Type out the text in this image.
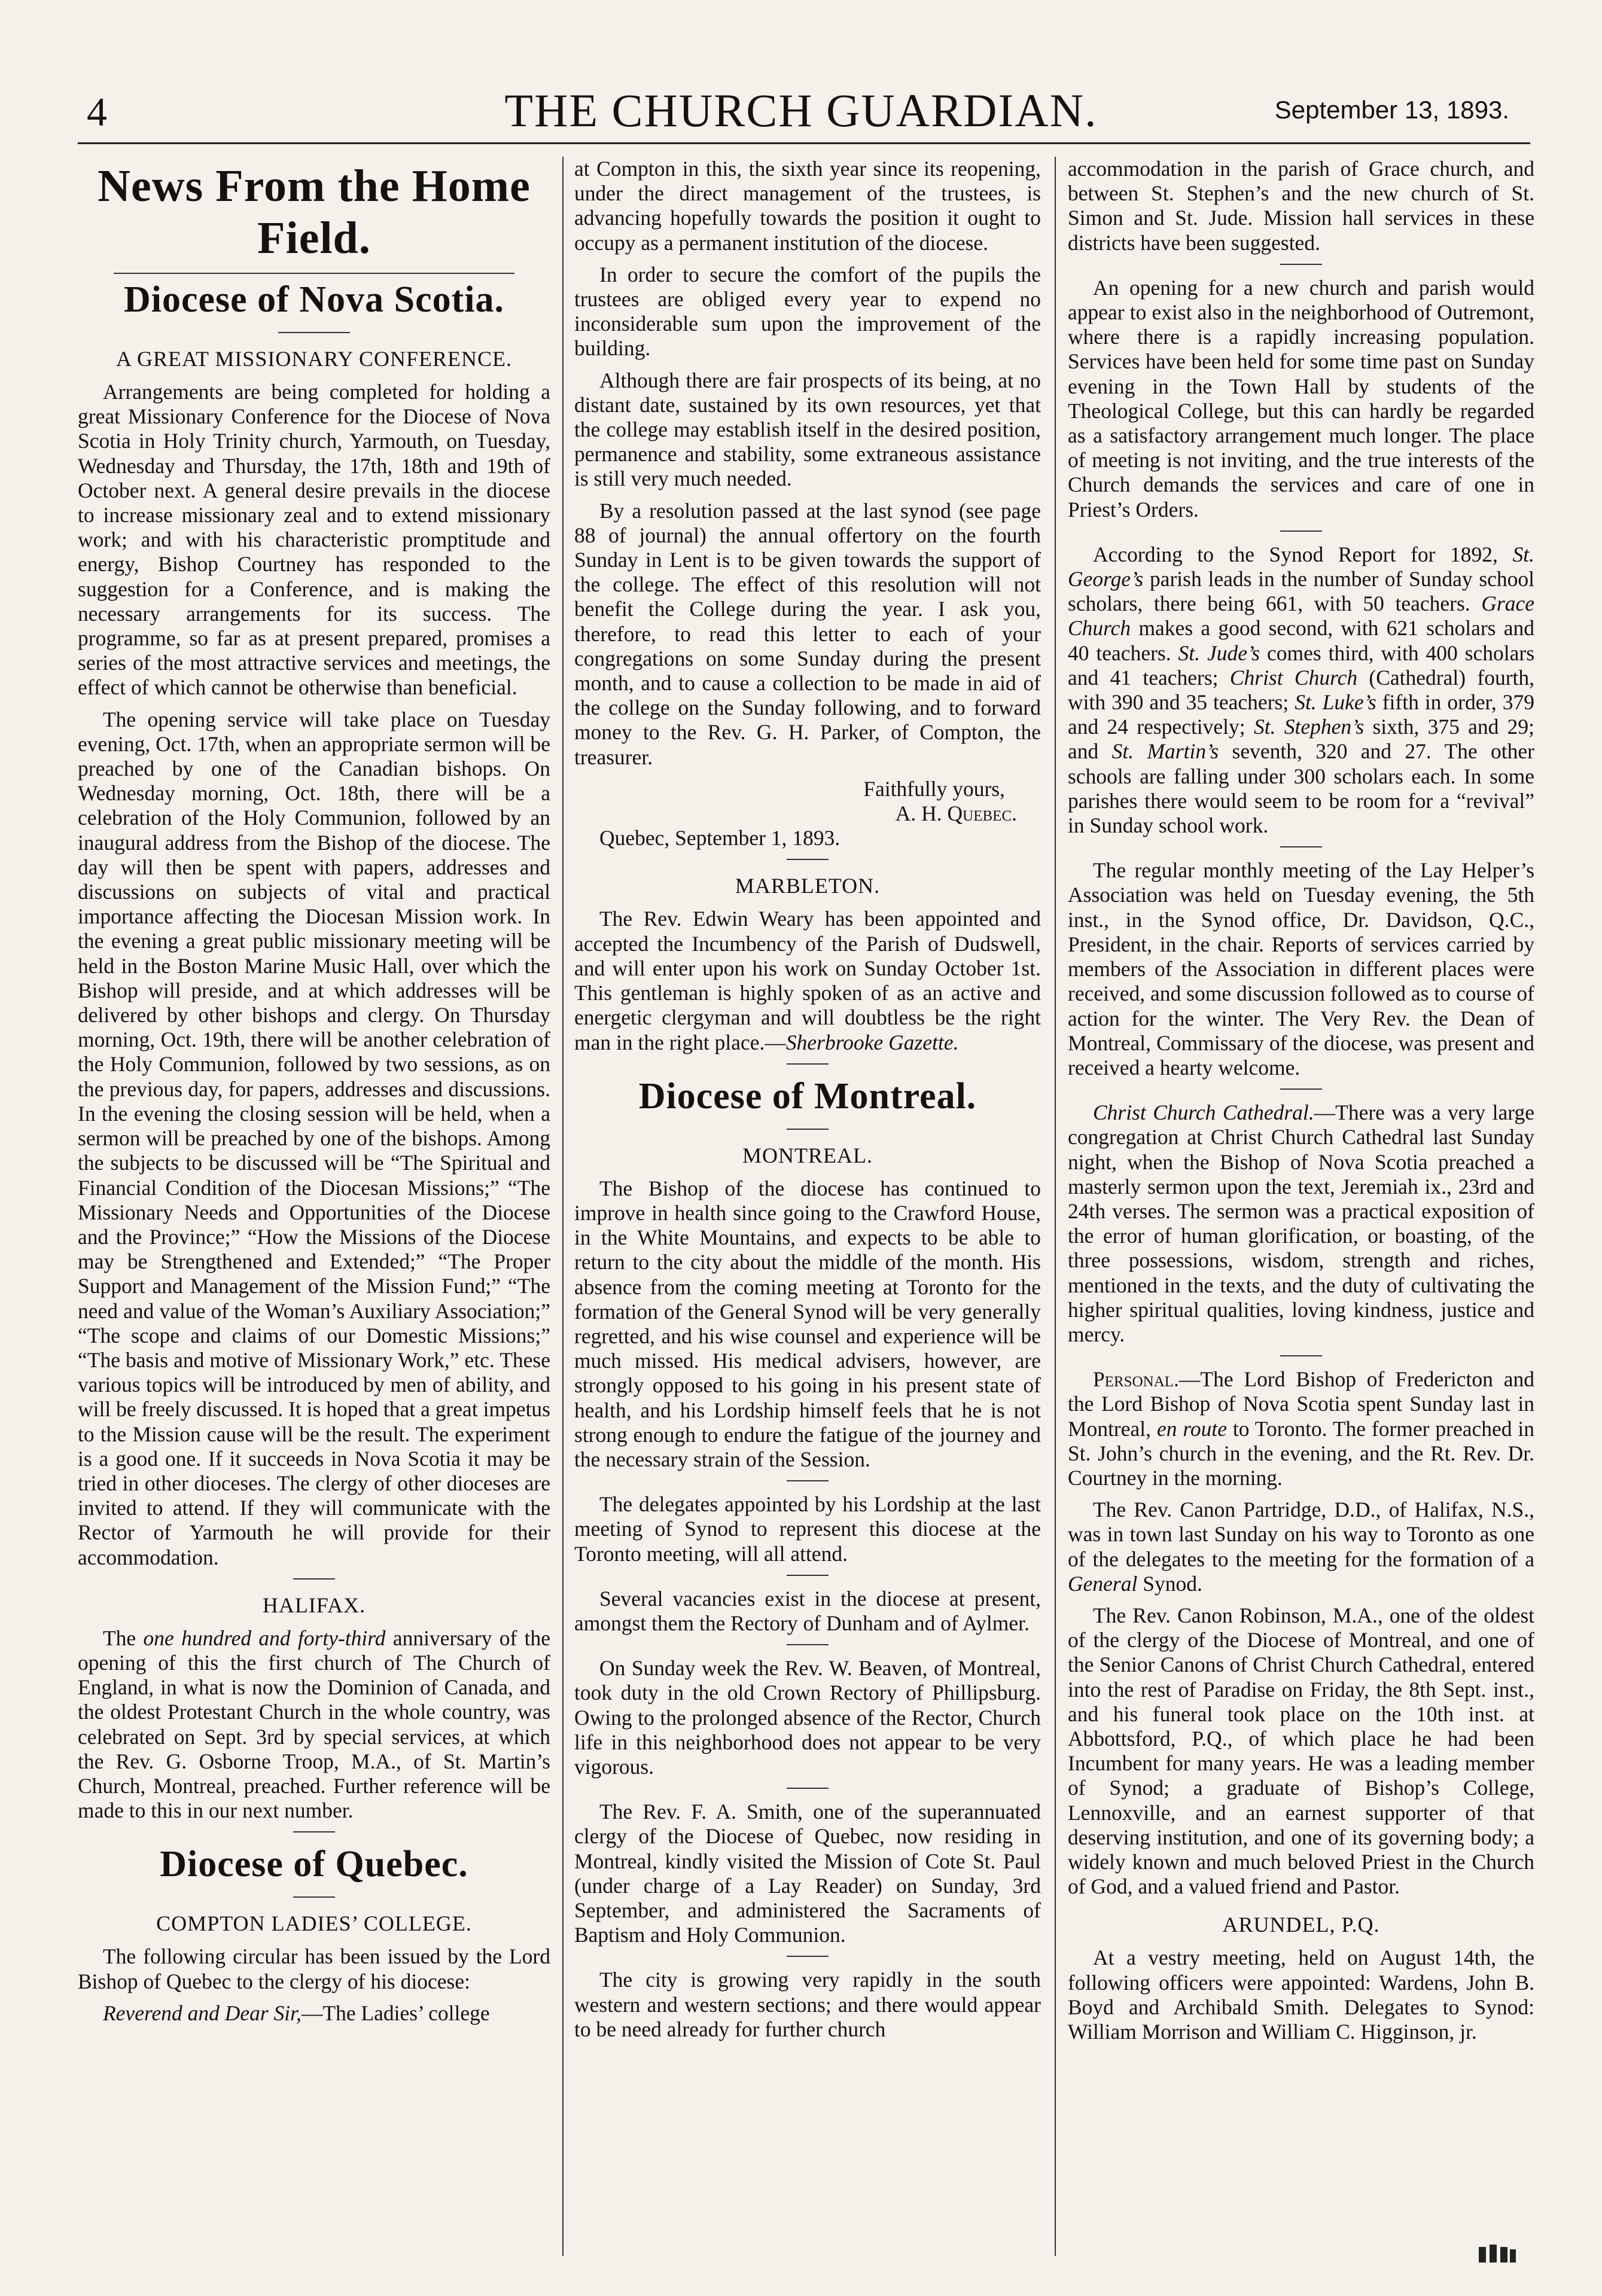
4	THE CHURCH GUARDIAN.	September 13, 1893.
News From the Home Field.
Diocese of Nova Scotia.
A GREAT MISSIONARY CONFERENCE.

Arrangements are being completed for holding a great Missionary Conference for the Diocese of Nova Scotia in Holy Trinity church, Yarmouth, on Tuesday, Wednesday and Thursday, the 17th, 18th and 19th of October next. A general desire prevails in the diocese to increase missionary zeal and to extend missionary work; and with his characteristic promptitude and energy, Bishop Courtney has responded to the suggestion for a Conference, and is making the necessary arrangements for its success. The programme, so far as at present prepared, promises a series of the most attractive services and meetings, the effect of which cannot be otherwise than beneficial.

The opening service will take place on Tuesday evening, Oct. 17th, when an appropriate sermon will be preached by one of the Canadian bishops. On Wednesday morning, Oct. 18th, there will be a celebration of the Holy Communion, followed by an inaugural address from the Bishop of the diocese. The day will then be spent with papers, addresses and discussions on subjects of vital and practical importance affecting the Diocesan Mission work. In the evening a great public missionary meeting will be held in the Boston Marine Music Hall, over which the Bishop will preside, and at which addresses will be delivered by other bishops and clergy. On Thursday morning, Oct. 19th, there will be another celebration of the Holy Communion, followed by two sessions, as on the previous day, for papers, addresses and discussions. In the evening the closing session will be held, when a sermon will be preached by one of the bishops. Among the subjects to be discussed will be “The Spiritual and Financial Condition of the Diocesan Missions;” “The Missionary Needs and Opportunities of the Diocese and the Province;” “How the Missions of the Diocese may be Strengthened and Extended;” “The Proper Support and Management of the Mission Fund;” “The need and value of the Woman’s Auxiliary Association;” “The scope and claims of our Domestic Missions;” “The basis and motive of Missionary Work,” etc. These various topics will be introduced by men of ability, and will be freely discussed. It is hoped that a great impetus to the Mission cause will be the result. The experiment is a good one. If it succeeds in Nova Scotia it may be tried in other dioceses. The clergy of other dioceses are invited to attend. If they will communicate with the Rector of Yarmouth he will provide for their accommodation.

HALIFAX.

The one hundred and forty-third anniversary of the opening of this the first church of The Church of England, in what is now the Dominion of Canada, and the oldest Protestant Church in the whole country, was celebrated on Sept. 3rd by special services, at which the Rev. G. Osborne Troop, M.A., of St. Martin’s Church, Montreal, preached. Further reference will be made to this in our next number.

Diocese of Quebec.
COMPTON LADIES’ COLLEGE.

The following circular has been issued by the Lord Bishop of Quebec to the clergy of his diocese:

Reverend and Dear Sir,—The Ladies’ college

at Compton in this, the sixth year since its reopening, under the direct management of the trustees, is advancing hopefully towards the position it ought to occupy as a permanent institution of the diocese.

In order to secure the comfort of the pupils the trustees are obliged every year to expend no inconsiderable sum upon the improvement of the building.

Although there are fair prospects of its being, at no distant date, sustained by its own resources, yet that the college may establish itself in the desired position, permanence and stability, some extraneous assistance is still very much needed.

By a resolution passed at the last synod (see page 88 of journal) the annual offertory on the fourth Sunday in Lent is to be given towards the support of the college. The effect of this resolution will not benefit the College during the year. I ask you, therefore, to read this letter to each of your congregations on some Sunday during the present month, and to cause a collection to be made in aid of the college on the Sunday following, and to forward money to the Rev. G. H. Parker, of Compton, the treasurer.

Faithfully yours,

A. H. Quebec.

Quebec, September 1, 1893.

MARBLETON.

The Rev. Edwin Weary has been appointed and accepted the Incumbency of the Parish of Dudswell, and will enter upon his work on Sunday October 1st. This gentleman is highly spoken of as an active and energetic clergyman and will doubtless be the right man in the right place.—Sherbrooke Gazette.

Diocese of Montreal.
MONTREAL.

The Bishop of the diocese has continued to improve in health since going to the Crawford House, in the White Mountains, and expects to be able to return to the city about the middle of the month. His absence from the coming meeting at Toronto for the formation of the General Synod will be very generally regretted, and his wise counsel and experience will be much missed. His medical advisers, however, are strongly opposed to his going in his present state of health, and his Lordship himself feels that he is not strong enough to endure the fatigue of the journey and the necessary strain of the Session.

The delegates appointed by his Lordship at the last meeting of Synod to represent this diocese at the Toronto meeting, will all attend.

Several vacancies exist in the diocese at present, amongst them the Rectory of Dunham and of Aylmer.

On Sunday week the Rev. W. Beaven, of Montreal, took duty in the old Crown Rectory of Phillipsburg. Owing to the prolonged absence of the Rector, Church life in this neighborhood does not appear to be very vigorous.

The Rev. F. A. Smith, one of the superannuated clergy of the Diocese of Quebec, now residing in Montreal, kindly visited the Mission of Cote St. Paul (under charge of a Lay Reader) on Sunday, 3rd September, and administered the Sacraments of Baptism and Holy Communion.

The city is growing very rapidly in the south western and western sections; and there would appear to be need already for further church

accommodation in the parish of Grace church, and between St. Stephen’s and the new church of St. Simon and St. Jude. Mission hall services in these districts have been suggested.

An opening for a new church and parish would appear to exist also in the neighborhood of Outremont, where there is a rapidly increasing population. Services have been held for some time past on Sunday evening in the Town Hall by students of the Theological College, but this can hardly be regarded as a satisfactory arrangement much longer. The place of meeting is not inviting, and the true interests of the Church demands the services and care of one in Priest’s Orders.

According to the Synod Report for 1892, St. George’s parish leads in the number of Sunday school scholars, there being 661, with 50 teachers. Grace Church makes a good second, with 621 scholars and 40 teachers. St. Jude’s comes third, with 400 scholars and 41 teachers; Christ Church (Cathedral) fourth, with 390 and 35 teachers; St. Luke’s fifth in order, 379 and 24 respectively; St. Stephen’s sixth, 375 and 29; and St. Martin’s seventh, 320 and 27. The other schools are falling under 300 scholars each. In some parishes there would seem to be room for a “revival” in Sunday school work.

The regular monthly meeting of the Lay Helper’s Association was held on Tuesday evening, the 5th inst., in the Synod office, Dr. Davidson, Q.C., President, in the chair. Reports of services carried by members of the Association in different places were received, and some discussion followed as to course of action for the winter. The Very Rev. the Dean of Montreal, Commissary of the diocese, was present and received a hearty welcome.

Christ Church Cathedral.—There was a very large congregation at Christ Church Cathedral last Sunday night, when the Bishop of Nova Scotia preached a masterly sermon upon the text, Jeremiah ix., 23rd and 24th verses. The sermon was a practical exposition of the error of human glorification, or boasting, of the three possessions, wisdom, strength and riches, mentioned in the texts, and the duty of cultivating the higher spiritual qualities, loving kindness, justice and mercy.

Personal.—The Lord Bishop of Fredericton and the Lord Bishop of Nova Scotia spent Sunday last in Montreal, en route to Toronto. The former preached in St. John’s church in the evening, and the Rt. Rev. Dr. Courtney in the morning.

The Rev. Canon Partridge, D.D., of Halifax, N.S., was in town last Sunday on his way to Toronto as one of the delegates to the meeting for the formation of a General Synod.

The Rev. Canon Robinson, M.A., one of the oldest of the clergy of the Diocese of Montreal, and one of the Senior Canons of Christ Church Cathedral, entered into the rest of Paradise on Friday, the 8th Sept. inst., and his funeral took place on the 10th inst. at Abbottsford, P.Q., of which place he had been Incumbent for many years. He was a leading member of Synod; a graduate of Bishop’s College, Lennoxville, and an earnest supporter of that deserving institution, and one of its governing body; a widely known and much beloved Priest in the Church of God, and a valued friend and Pastor.

ARUNDEL, P.Q.

At a vestry meeting, held on August 14th, the following officers were appointed: Wardens, John B. Boyd and Archibald Smith. Delegates to Synod: William Morrison and William C. Higginson, jr.
